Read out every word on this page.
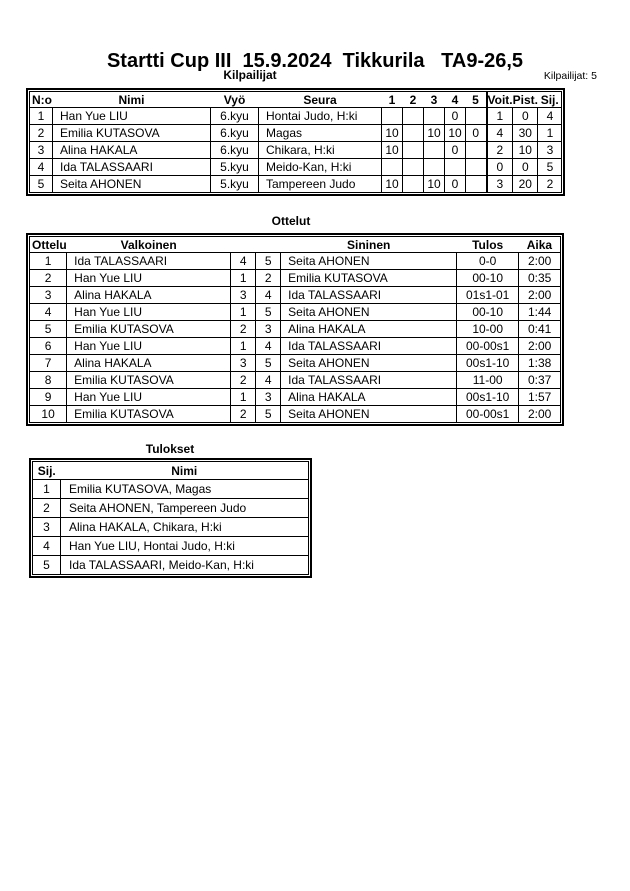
Startti Cup III  15.9.2024  Tikkurila   TA9-26,5
Kilpailijat	Kilpailijat: 5
N:o	Nimi	Vyö	Seura	1	2	3	4	5	Voit.	Pist.	Sij.
1	Han Yue LIU	6.kyu	Hontai Judo, H:ki				0		1	0	4
2	Emilia KUTASOVA	6.kyu	Magas	10		10	10	0	4	30	1
3	Alina HAKALA	6.kyu	Chikara, H:ki	10			0		2	10	3
4	Ida TALASSAARI	5.kyu	Meido-Kan, H:ki						0	0	5
5	Seita AHONEN	5.kyu	Tampereen Judo	10		10	0		3	20	2
Ottelut
Ottelu	Valkoinen			Sininen	Tulos	Aika
1	Ida TALASSAARI	4	5	Seita AHONEN	0-0	2:00
2	Han Yue LIU	1	2	Emilia KUTASOVA	00-10	0:35
3	Alina HAKALA	3	4	Ida TALASSAARI	01s1-01	2:00
4	Han Yue LIU	1	5	Seita AHONEN	00-10	1:44
5	Emilia KUTASOVA	2	3	Alina HAKALA	10-00	0:41
6	Han Yue LIU	1	4	Ida TALASSAARI	00-00s1	2:00
7	Alina HAKALA	3	5	Seita AHONEN	00s1-10	1:38
8	Emilia KUTASOVA	2	4	Ida TALASSAARI	11-00	0:37
9	Han Yue LIU	1	3	Alina HAKALA	00s1-10	1:57
10	Emilia KUTASOVA	2	5	Seita AHONEN	00-00s1	2:00
Tulokset
Sij.	Nimi
1	Emilia KUTASOVA, Magas
2	Seita AHONEN, Tampereen Judo
3	Alina HAKALA, Chikara, H:ki
4	Han Yue LIU, Hontai Judo, H:ki
5	Ida TALASSAARI, Meido-Kan, H:ki
